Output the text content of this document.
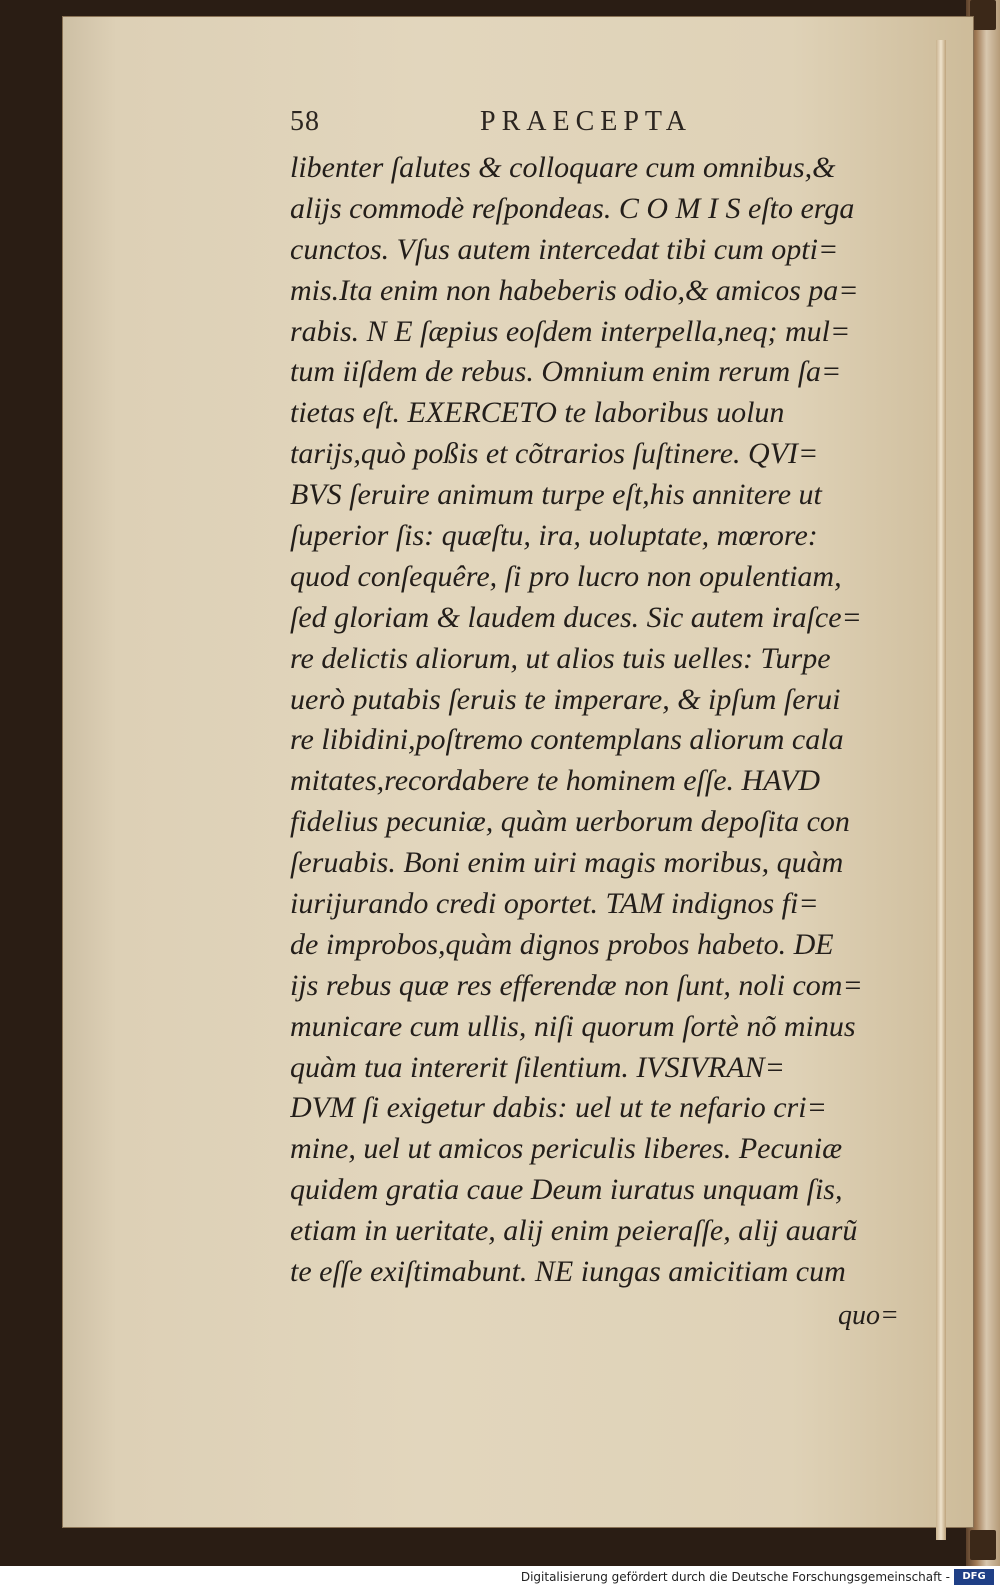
58	PRAECEPTA
libenter ſalutes & colloquare cum omnibus,&
alijs commodè reſpondeas. C O M I S eſto erga
cunctos. Vſus autem intercedat tibi cum opti=
mis.Ita enim non habeberis odio,& amicos pa=
rabis. N E ſæpius eoſdem interpella,neq; mul=
tum iiſdem de rebus. Omnium enim rerum ſa=
tietas eſt. EXERCETO te laboribus uolun
tarijs,quò poßis et cõtrarios ſuſtinere. QVI=
BVS ſeruire animum turpe eſt,his annitere ut
ſuperior ſis: quæſtu, ira, uoluptate, mœrore:
quod conſequêre, ſi pro lucro non opulentiam,
ſed gloriam & laudem duces. Sic autem iraſce=
re delictis aliorum, ut alios tuis uelles: Turpe
uerò putabis ſeruis te imperare, & ipſum ſerui
re libidini,poſtremo contemplans aliorum cala
mitates,recordabere te hominem eſſe. HAVD
fidelius pecuniæ, quàm uerborum depoſita con
ſeruabis. Boni enim uiri magis moribus, quàm
iurijurando credi oportet. TAM indignos fi=
de improbos,quàm dignos probos habeto. DE
ijs rebus quæ res efferendæ non ſunt, noli com=
municare cum ullis, niſi quorum ſortè nõ minus
quàm tua intererit ſilentium. IVSIVRAN=
DVM ſi exigetur dabis: uel ut te nefario cri=
mine, uel ut amicos periculis liberes. Pecuniæ
quidem gratia caue Deum iuratus unquam ſis,
etiam in ueritate, alij enim peieraſſe, alij auarũ
te eſſe exiſtimabunt. NE iungas amicitiam cum
quo=
Digitalisierung gefördert durch die Deutsche Forschungsgemeinschaft -	DFG
